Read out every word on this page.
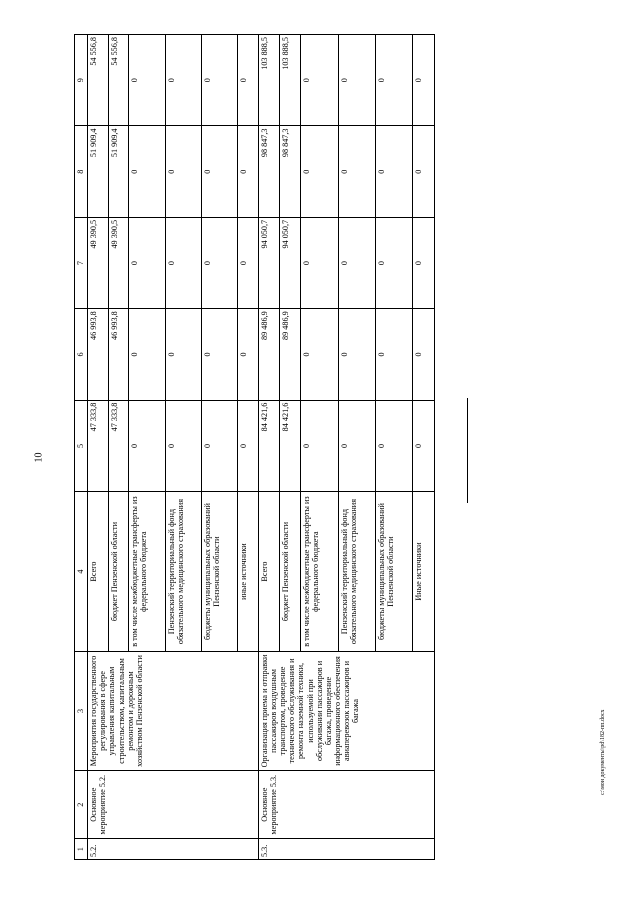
10
c:\мои документы\pd\182-пп.docx
1	2	3	4	5	6	7	8	9
5.2.	Основное мероприятие 5.2.	Мероприятия государственного регулирования в сфере управления капитальным строительством, капитальным ремонтом и дорожным хозяйством Пензенской области	Всего	47 333,8	46 993,8	49 390,5	51 909,4	54 556,8
			бюджет Пензенской области	47 333,8	46 993,8	49 390,5	51 909,4	54 556,8
			в том числе межбюджетные трансферты из федерального бюджета	0	0	0	0	0
			Пензенский территориальный фонд обязательного медицинского страхования	0	0	0	0	0
			бюджеты муниципальных образований Пензенской области	0	0	0	0	0
			иные источники	0	0	0	0	0
5.3.	Основное мероприятие 5.3.	Организация приема и отправки пассажиров воздушным транспортом, проведение технического обслуживания и ремонта наземной техники, используемой при обслуживании пассажиров и багажа, проведение информационного обеспечения авиаперевозок пассажиров и багажа	Всего	84 421,6	89 486,9	94 050,7	98 847,3	103 888,5
			бюджет Пензенской области	84 421,6	89 486,9	94 050,7	98 847,3	103 888,5
			в том числе межбюджетные трансферты из федерального бюджета	0	0	0	0	0
			Пензенский территориальный фонд обязательного медицинского страхования	0	0	0	0	0
			бюджеты муниципальных образований Пензенской области	0	0	0	0	0
			Иные источники	0	0	0	0	0
